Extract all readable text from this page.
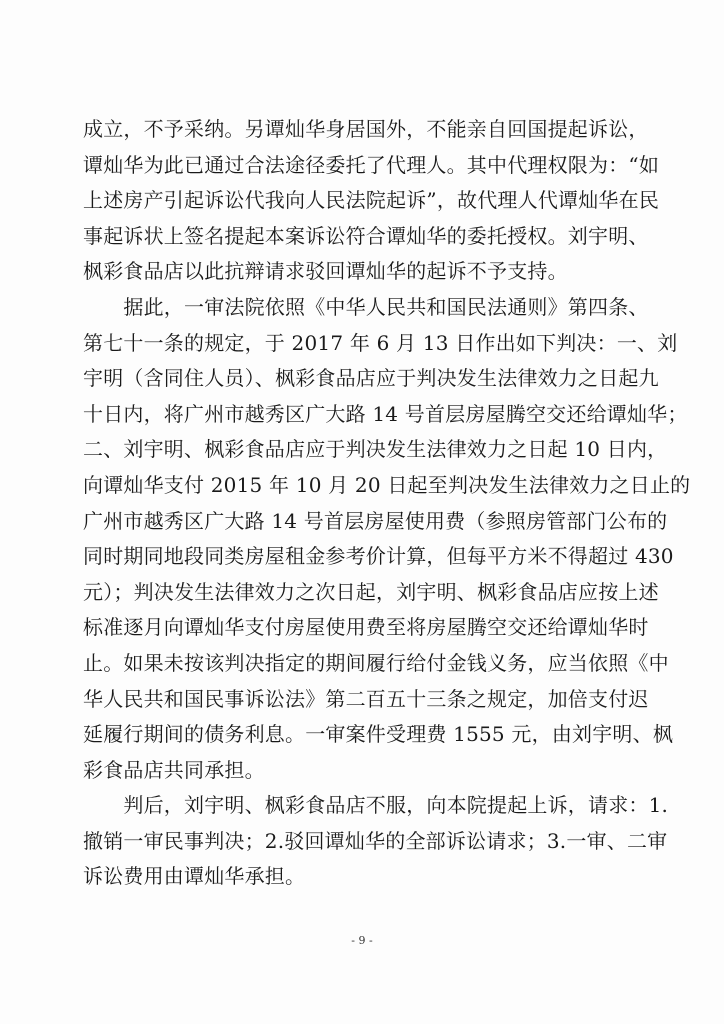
成立，不予采纳。另谭灿华身居国外，不能亲自回国提起诉讼，
谭灿华为此已通过合法途径委托了代理人。其中代理权限为：“如
上述房产引起诉讼代我向人民法院起诉”，故代理人代谭灿华在民
事起诉状上签名提起本案诉讼符合谭灿华的委托授权。刘宇明、
枫彩食品店以此抗辩请求驳回谭灿华的起诉不予支持。
　　据此，一审法院依照《中华人民共和国民法通则》第四条、
第七十一条的规定，于 2017 年 6 月 13 日作出如下判决：一、刘
宇明（含同住人员）、枫彩食品店应于判决发生法律效力之日起九
十日内，将广州市越秀区广大路 14 号首层房屋腾空交还给谭灿华；
二、刘宇明、枫彩食品店应于判决发生法律效力之日起 10 日内，
向谭灿华支付 2015 年 10 月 20 日起至判决发生法律效力之日止的
广州市越秀区广大路 14 号首层房屋使用费（参照房管部门公布的
同时期同地段同类房屋租金参考价计算，但每平方米不得超过 430
元）；判决发生法律效力之次日起，刘宇明、枫彩食品店应按上述
标准逐月向谭灿华支付房屋使用费至将房屋腾空交还给谭灿华时
止。如果未按该判决指定的期间履行给付金钱义务，应当依照《中
华人民共和国民事诉讼法》第二百五十三条之规定，加倍支付迟
延履行期间的债务利息。一审案件受理费 1555 元，由刘宇明、枫
彩食品店共同承担。
　　判后，刘宇明、枫彩食品店不服，向本院提起上诉，请求：1.
撤销一审民事判决；2.驳回谭灿华的全部诉讼请求；3.一审、二审
诉讼费用由谭灿华承担。
- 9 -
